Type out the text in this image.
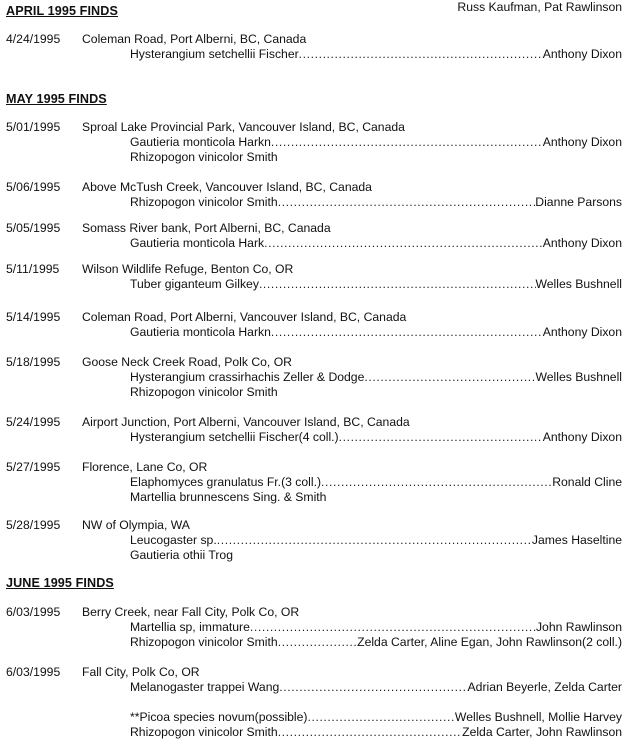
APRIL 1995 FINDS
4/24/1995 Coleman Road, Port Alberni, BC, Canada
Hysterangium setchellii Fischer .....	Anthony Dixon
MAY 1995 FINDS
5/01/1995 Sproal Lake Provincial Park, Vancouver Island, BC, Canada
Gautieria monticola Harkn .....	Anthony Dixon
Rhizopogon vinicolor Smith
5/06/1995 Above McTush Creek, Vancouver Island, BC, Canada
Rhizopogon vinicolor Smith .....	Dianne Parsons
5/05/1995 Somass River bank, Port Alberni, BC, Canada
Gautieria monticola Hark .....	Anthony Dixon
5/11/1995 Wilson Wildlife Refuge, Benton Co, OR
Tuber giganteum Gilkey .....	Welles Bushnell
5/14/1995 Coleman Road, Port Alberni, Vancouver Island, BC, Canada
Gautieria monticola Harkn .....	Anthony Dixon
5/18/1995 Goose Neck Creek Road, Polk Co, OR
Hysterangium crassirhachis Zeller & Dodge .....	Welles Bushnell
Rhizopogon vinicolor Smith
5/24/1995 Airport Junction, Port Alberni, Vancouver Island, BC, Canada
Hysterangium setchellii Fischer(4 coll.) .....	Anthony Dixon
5/27/1995 Florence, Lane Co, OR
Elaphomyces granulatus Fr.(3 coll.) .....	Ronald Cline
Martellia brunnescens Sing. & Smith
5/28/1995 NW of Olympia, WA
Leucogaster sp. .....	James Haseltine
Gautieria othii Trog
JUNE 1995 FINDS
6/03/1995 Berry Creek, near Fall City, Polk Co, OR
Martellia sp, immature .....	John Rawlinson
Rhizopogon vinicolor Smith .....	Zelda Carter, Aline Egan, John Rawlinson(2 coll.)
6/03/1995 Fall City, Polk Co, OR
Melanogaster trappei Wang .....	Adrian Beyerle, Zelda Carter
Russ Kaufman, Pat Rawlinson
**Picoa species novum(possible) .....	Welles Bushnell, Mollie Harvey
Rhizopogon vinicolor Smith .....	Zelda Carter, John Rawlinson
